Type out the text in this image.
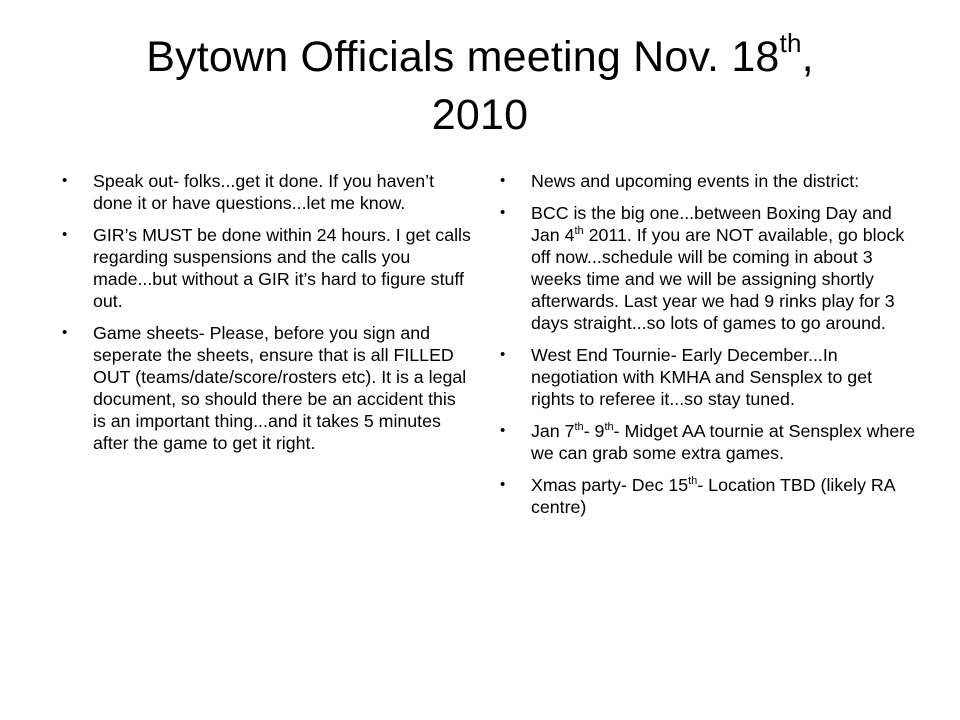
Bytown Officials meeting Nov. 18th,
2010
• Speak out- folks...get it done. If you haven’t done it or have questions...let me know.
• GIR’s MUST be done within 24 hours. I get calls regarding suspensions and the calls you made...but without a GIR it’s hard to figure stuff out.
• Game sheets- Please, before you sign and seperate the sheets, ensure that is all FILLED OUT (teams/date/score/rosters etc). It is a legal document, so should there be an accident this is an important thing...and it takes 5 minutes after the game to get it right.
• News and upcoming events in the district:
• BCC is the big one...between Boxing Day and Jan 4th 2011. If you are NOT available, go block off now...schedule will be coming in about 3 weeks time and we will be assigning shortly afterwards. Last year we had 9 rinks play for 3 days straight...so lots of games to go around.
• West End Tournie- Early December...In negotiation with KMHA and Sensplex to get rights to referee it...so stay tuned.
• Jan 7th- 9th- Midget AA tournie at Sensplex where we can grab some extra games.
• Xmas party- Dec 15th- Location TBD (likely RA centre)
